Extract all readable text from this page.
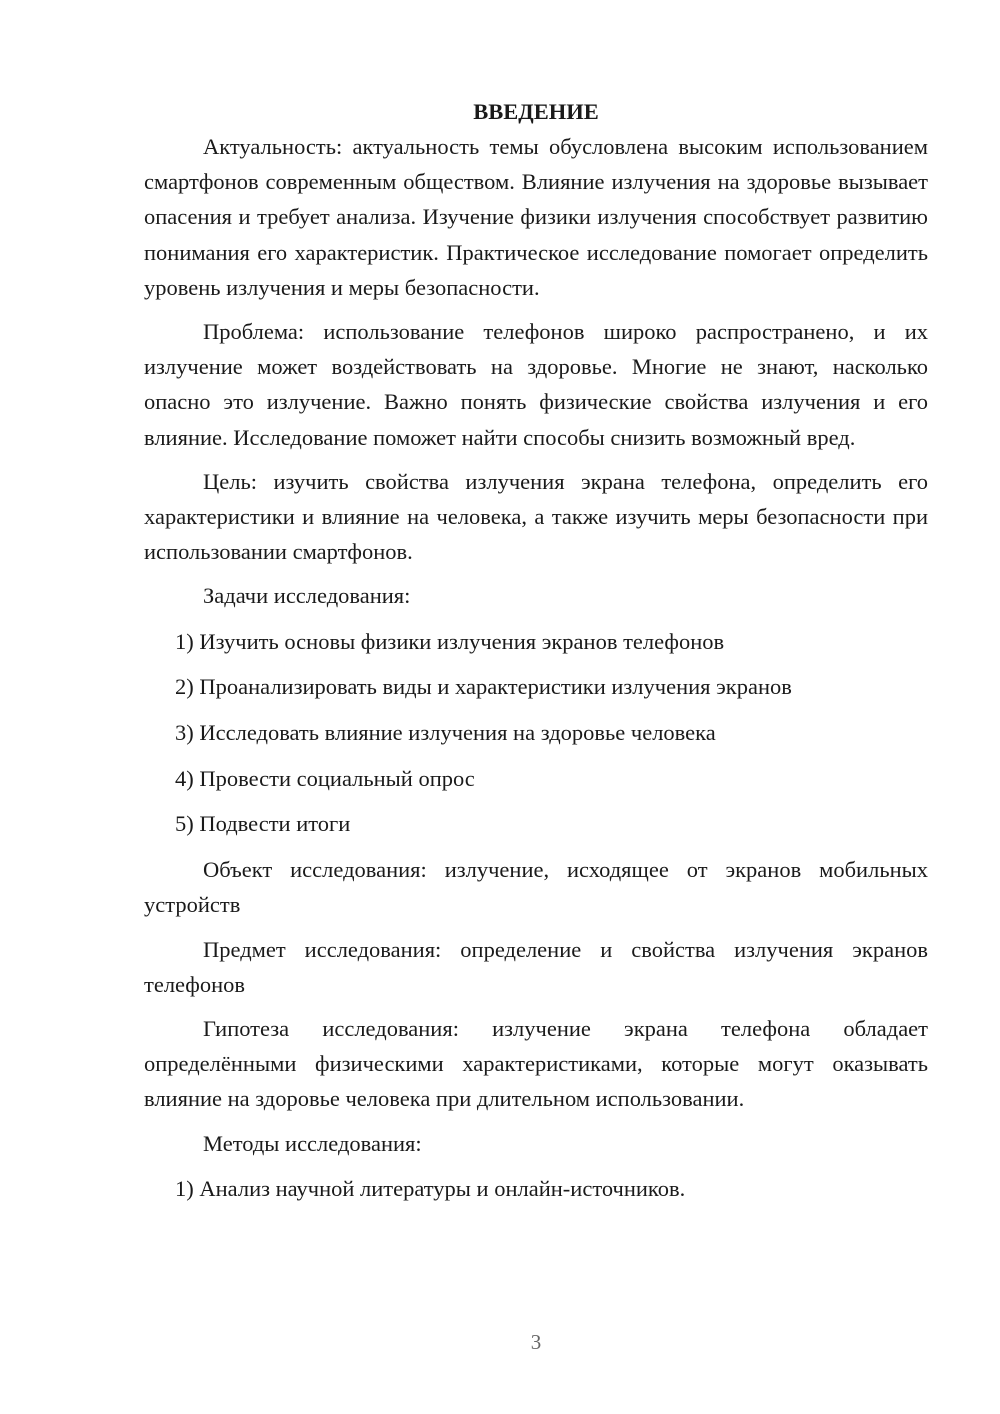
ВВЕДЕНИЕ
Актуальность: актуальность темы обусловлена высоким использованием смартфонов современным обществом. Влияние излучения на здоровье вызывает опасения и требует анализа. Изучение физики излучения способствует развитию понимания его характеристик. Практическое исследование помогает определить уровень излучения и меры безопасности.
Проблема: использование телефонов широко распространено, и их излучение может воздействовать на здоровье. Многие не знают, насколько опасно это излучение. Важно понять физические свойства излучения и его влияние. Исследование поможет найти способы снизить возможный вред.
Цель: изучить свойства излучения экрана телефона, определить его характеристики и влияние на человека, а также изучить меры безопасности при использовании смартфонов.
Задачи исследования:
1) Изучить основы физики излучения экранов телефонов
2) Проанализировать виды и характеристики излучения экранов
3) Исследовать влияние излучения на здоровье человека
4) Провести социальный опрос
5) Подвести итоги
Объект исследования: излучение, исходящее от экранов мобильных устройств
Предмет исследования: определение и свойства излучения экранов телефонов
Гипотеза исследования: излучение экрана телефона обладает определёнными физическими характеристиками, которые могут оказывать влияние на здоровье человека при длительном использовании.
Методы исследования:
1) Анализ научной литературы и онлайн-источников.
3
